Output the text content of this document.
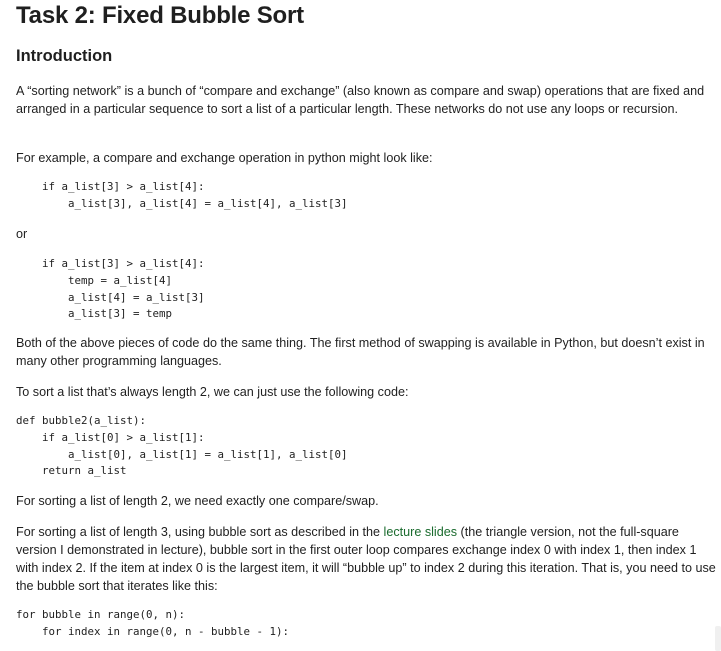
Task 2: Fixed Bubble Sort
Introduction

A “sorting network” is a bunch of “compare and exchange” (also known as compare and swap) operations that are fixed and arranged in a particular sequence to sort a list of a particular length. These networks do not use any loops or recursion.

For example, a compare and exchange operation in python might look like:

if a_list[3] > a_list[4]:
a_list[3], a_list[4] = a_list[4], a_list[3]

or

if a_list[3] > a_list[4]:
temp = a_list[4]
a_list[4] = a_list[3]
a_list[3] = temp

Both of the above pieces of code do the same thing. The first method of swapping is available in Python, but doesn’t exist in many other programming languages.

To sort a list that’s always length 2, we can just use the following code:

def bubble2(a_list):
if a_list[0] > a_list[1]:
a_list[0], a_list[1] = a_list[1], a_list[0]
return a_list

For sorting a list of length 2, we need exactly one compare/swap.

For sorting a list of length 3, using bubble sort as described in the lecture slides (the triangle version, not the full-square version I demonstrated in lecture), bubble sort in the first outer loop compares exchange index 0 with index 1, then index 1 with index 2. If the item at index 0 is the largest item, it will “bubble up” to index 2 during this iteration. That is, you need to use the bubble sort that iterates like this:

for bubble in range(0, n):
for index in range(0, n - bubble - 1):
